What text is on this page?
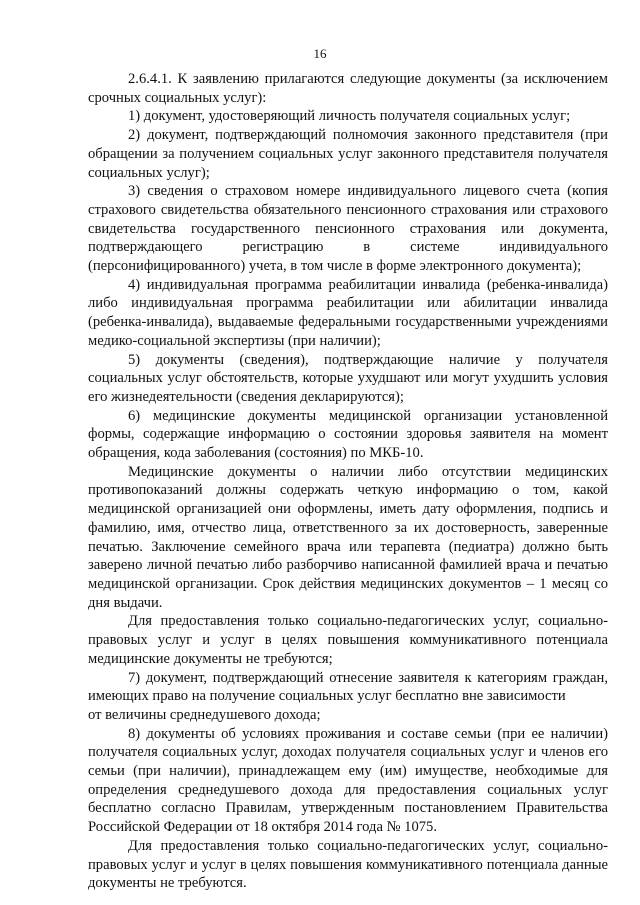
16

2.6.4.1. К заявлению прилагаются следующие документы (за исключением срочных социальных услуг):

1) документ, удостоверяющий личность получателя социальных услуг;

2) документ, подтверждающий полномочия законного представителя (при обращении за получением социальных услуг законного представителя получателя социальных услуг);

3) сведения о страховом номере индивидуального лицевого счета (копия страхового свидетельства обязательного пенсионного страхования или страхового свидетельства государственного пенсионного страхования или документа, подтверждающего регистрацию в системе индивидуального (персонифицированного) учета, в том числе в форме электронного документа);

4) индивидуальная программа реабилитации инвалида (ребенка-инвалида) либо индивидуальная программа реабилитации или абилитации инвалида (ребенка-инвалида), выдаваемые федеральными государственными учреждениями медико-социальной экспертизы (при наличии);

5) документы (сведения), подтверждающие наличие у получателя социальных услуг обстоятельств, которые ухудшают или могут ухудшить условия его жизнедеятельности (сведения декларируются);

6) медицинские документы медицинской организации установленной формы, содержащие информацию о состоянии здоровья заявителя на момент обращения, кода заболевания (состояния) по МКБ-10.

Медицинские документы о наличии либо отсутствии медицинских противопоказаний должны содержать четкую информацию о том, какой медицинской организацией они оформлены, иметь дату оформления, подпись и фамилию, имя, отчество лица, ответственного за их достоверность, заверенные печатью. Заключение семейного врача или терапевта (педиатра) должно быть заверено личной печатью либо разборчиво написанной фамилией врача и печатью медицинской организации. Срок действия медицинских документов – 1 месяц со дня выдачи.

Для предоставления только социально-педагогических услуг, социально-правовых услуг и услуг в целях повышения коммуникативного потенциала медицинские документы не требуются;

7) документ, подтверждающий отнесение заявителя к категориям граждан, имеющих право на получение социальных услуг бесплатно вне зависимости

от величины среднедушевого дохода;

8) документы об условиях проживания и составе семьи (при ее наличии) получателя социальных услуг, доходах получателя социальных услуг и членов его семьи (при наличии), принадлежащем ему (им) имуществе, необходимые для определения среднедушевого дохода для предоставления социальных услуг бесплатно согласно Правилам, утвержденным постановлением Правительства Российской Федерации от 18 октября 2014 года № 1075.

Для предоставления только социально-педагогических услуг, социально-правовых услуг и услуг в целях повышения коммуникативного потенциала данные документы не требуются.
